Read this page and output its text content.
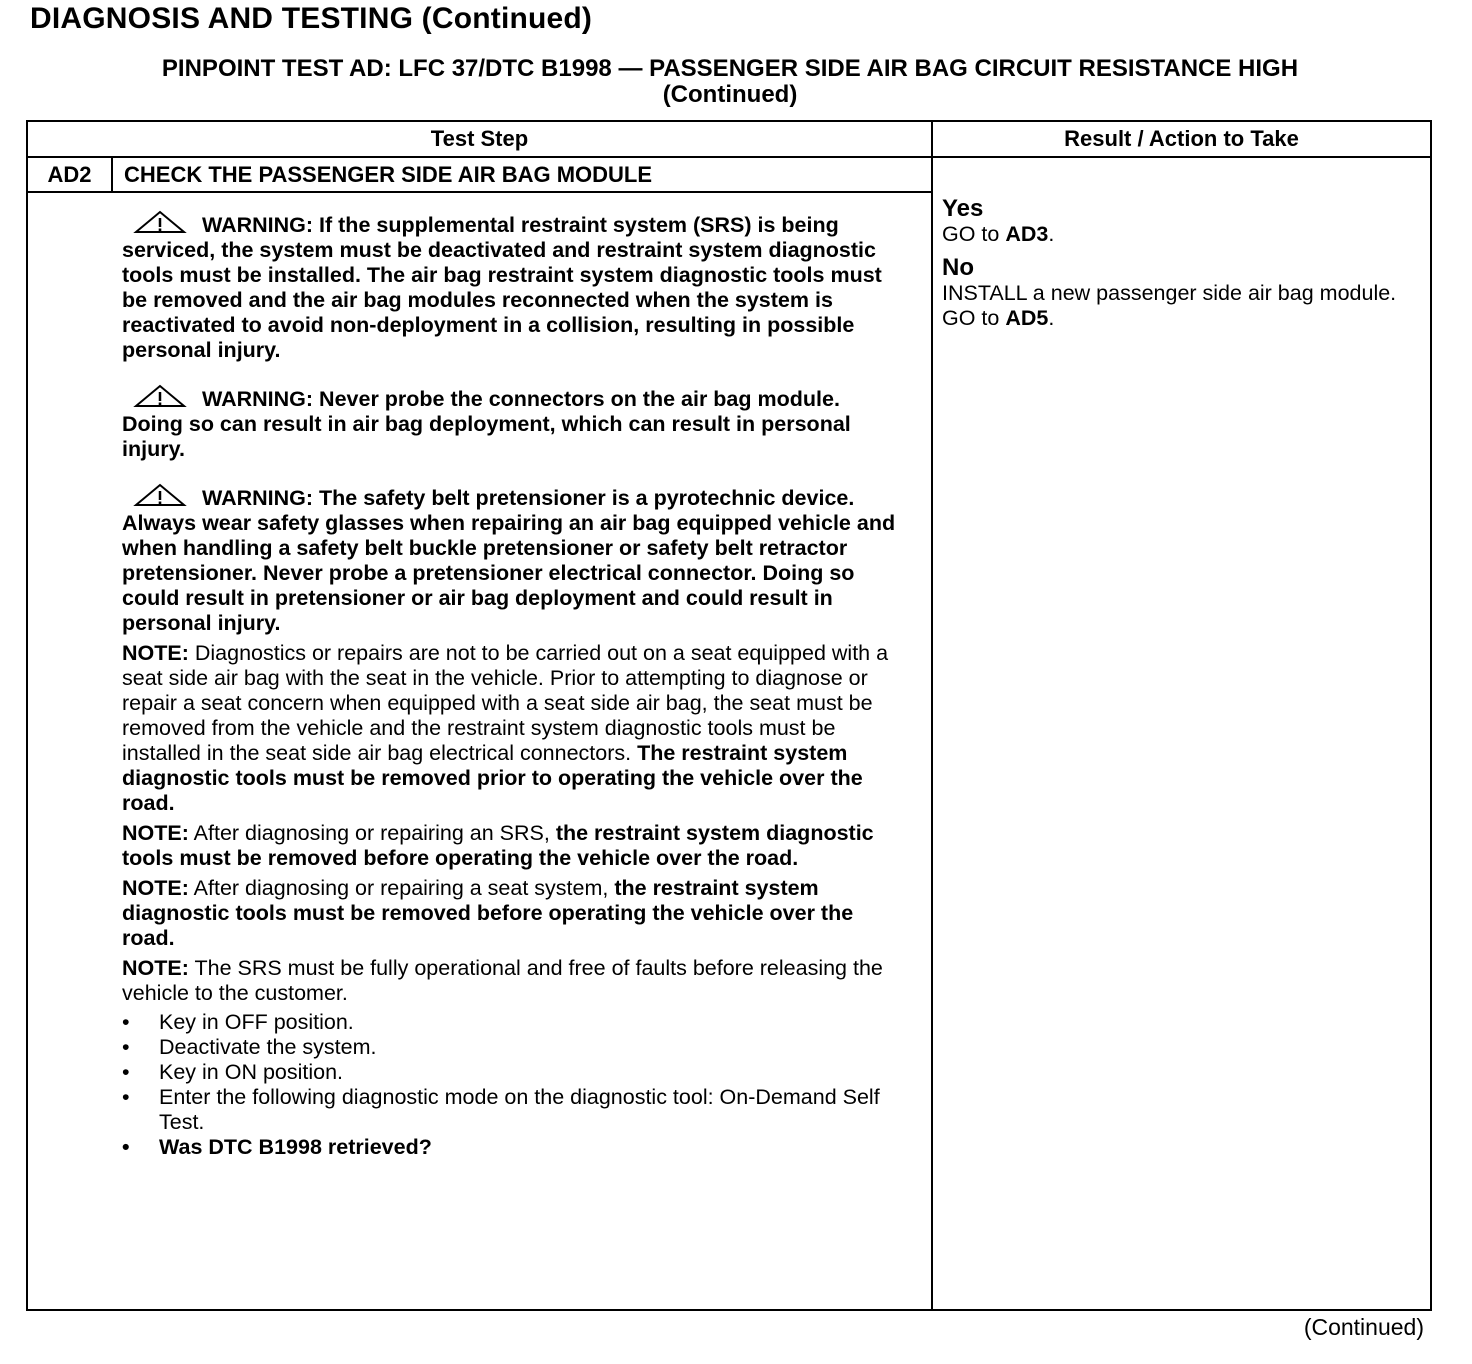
DIAGNOSIS AND TESTING (Continued)
PINPOINT TEST AD: LFC 37/DTC B1998 — PASSENGER SIDE AIR BAG CIRCUIT RESISTANCE HIGH
(Continued)
Test Step	Result / Action to Take
AD2	CHECK THE PASSENGER SIDE AIR BAG MODULE

WARNING: If the supplemental restraint system (SRS) is being serviced, the system must be deactivated and restraint system diagnostic tools must be installed. The air bag restraint system diagnostic tools must be removed and the air bag modules reconnected when the system is reactivated to avoid non-deployment in a collision, resulting in possible personal injury.

WARNING: Never probe the connectors on the air bag module. Doing so can result in air bag deployment, which can result in personal injury.

WARNING: The safety belt pretensioner is a pyrotechnic device. Always wear safety glasses when repairing an air bag equipped vehicle and when handling a safety belt buckle pretensioner or safety belt retractor pretensioner. Never probe a pretensioner electrical connector. Doing so could result in pretensioner or air bag deployment and could result in personal injury.

NOTE: Diagnostics or repairs are not to be carried out on a seat equipped with a seat side air bag with the seat in the vehicle. Prior to attempting to diagnose or repair a seat concern when equipped with a seat side air bag, the seat must be removed from the vehicle and the restraint system diagnostic tools must be installed in the seat side air bag electrical connectors. The restraint system diagnostic tools must be removed prior to operating the vehicle over the road.

NOTE: After diagnosing or repairing an SRS, the restraint system diagnostic tools must be removed before operating the vehicle over the road.

NOTE: After diagnosing or repairing a seat system, the restraint system diagnostic tools must be removed before operating the vehicle over the road.

NOTE: The SRS must be fully operational and free of faults before releasing the vehicle to the customer.

• Key in OFF position.
• Deactivate the system.
• Key in ON position.
• Enter the following diagnostic mode on the diagnostic tool: On-Demand Self Test.
• Was DTC B1998 retrieved?
Yes

GO to AD3.

No

INSTALL a new passenger side air bag module. GO to AD5.

(Continued)
